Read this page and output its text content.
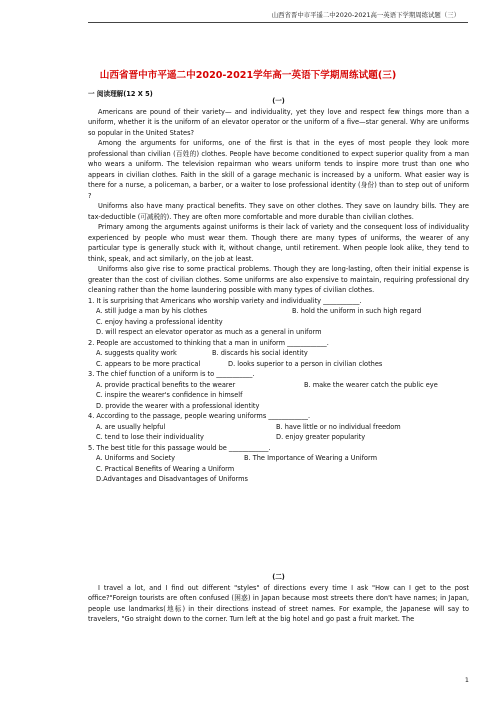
山西省晋中市平遥二中2020-2021高一英语下学期周练试题（三）
山西省晋中市平遥二中2020-2021学年高一英语下学期周练试题(三)
一 阅读理解(12 X 5)

(一)

Americans are pound of their variety— and individuality, yet they love and respect few things more than a uniform, whether it is the uniform of an elevator operator or the uniform of a five—star general. Why are uniforms so popular in the United States?

Among the arguments for uniforms, one of the first is that in the eyes of most people they look more professional than civilian (百姓的) clothes. People have become conditioned to expect superior quality from a man who wears a uniform. The television repairman who wears uniform tends to inspire more trust than one who appears in civilian clothes. Faith in the skill of a garage mechanic is increased by a uniform. What easier way is there for a nurse, a policeman, a barber, or a waiter to lose professional identity (身份) than to step out of uniform ?

Uniforms also have many practical benefits. They save on other clothes. They save on laundry bills. They are tax-deductible (可减税的). They are often more comfortable and more durable than civilian clothes.

Primary among the arguments against uniforms is their lack of variety and the consequent loss of individuality experienced by people who must wear them. Though there are many types of uniforms, the wearer of any particular type is generally stuck with it, without change, until retirement. When people look alike, they tend to think, speak, and act similarly, on the job at least.

Uniforms also give rise to some practical problems. Though they are long-lasting, often their initial expense is greater than the cost of civilian clothes. Some uniforms are also expensive to maintain, requiring professional dry cleaning rather than the home laundering possible with many types of civilian clothes.

1. It is surprising that Americans who worship variety and individuality ___________.

A. still judge a man by his clothes	B. hold the uniform in such high regard

C. enjoy having a professional identity

D. will respect an elevator operator as much as a general in uniform

2. People are accustomed to thinking that a man in uniform ____________.

A. suggests quality work	B. discards his social identity
C. appears to be more practical	D. looks superior to a person in civilian clothes

3. The chief function of a uniform is to ___________.

A. provide practical benefits to the wearer	B. make the wearer catch the public eye

C. inspire the wearer's confidence in himself

D. provide the wearer with a professional identity

4. According to the passage, people wearing uniforms ____________.

A. are usually helpful	B. have little or no individual freedom
C. tend to lose their individuality	D. enjoy greater popularity

5. The best title for this passage would be ____________.

A. Uniforms and Society	B. The Importance of Wearing a Uniform

C. Practical Benefits of Wearing a Uniform

D.Advantages and Disadvantages of Uniforms

(二)

I travel a lot, and I find out different "styles" of directions every time I ask "How can I get to the post office?"Foreign tourists are often confused (困惑) in Japan because most streets there don't have names; in Japan, people use landmarks(地标) in their directions instead of street names. For example, the Japanese will say to travelers, "Go straight down to the corner. Turn left at the big hotel and go past a fruit market. The

1
